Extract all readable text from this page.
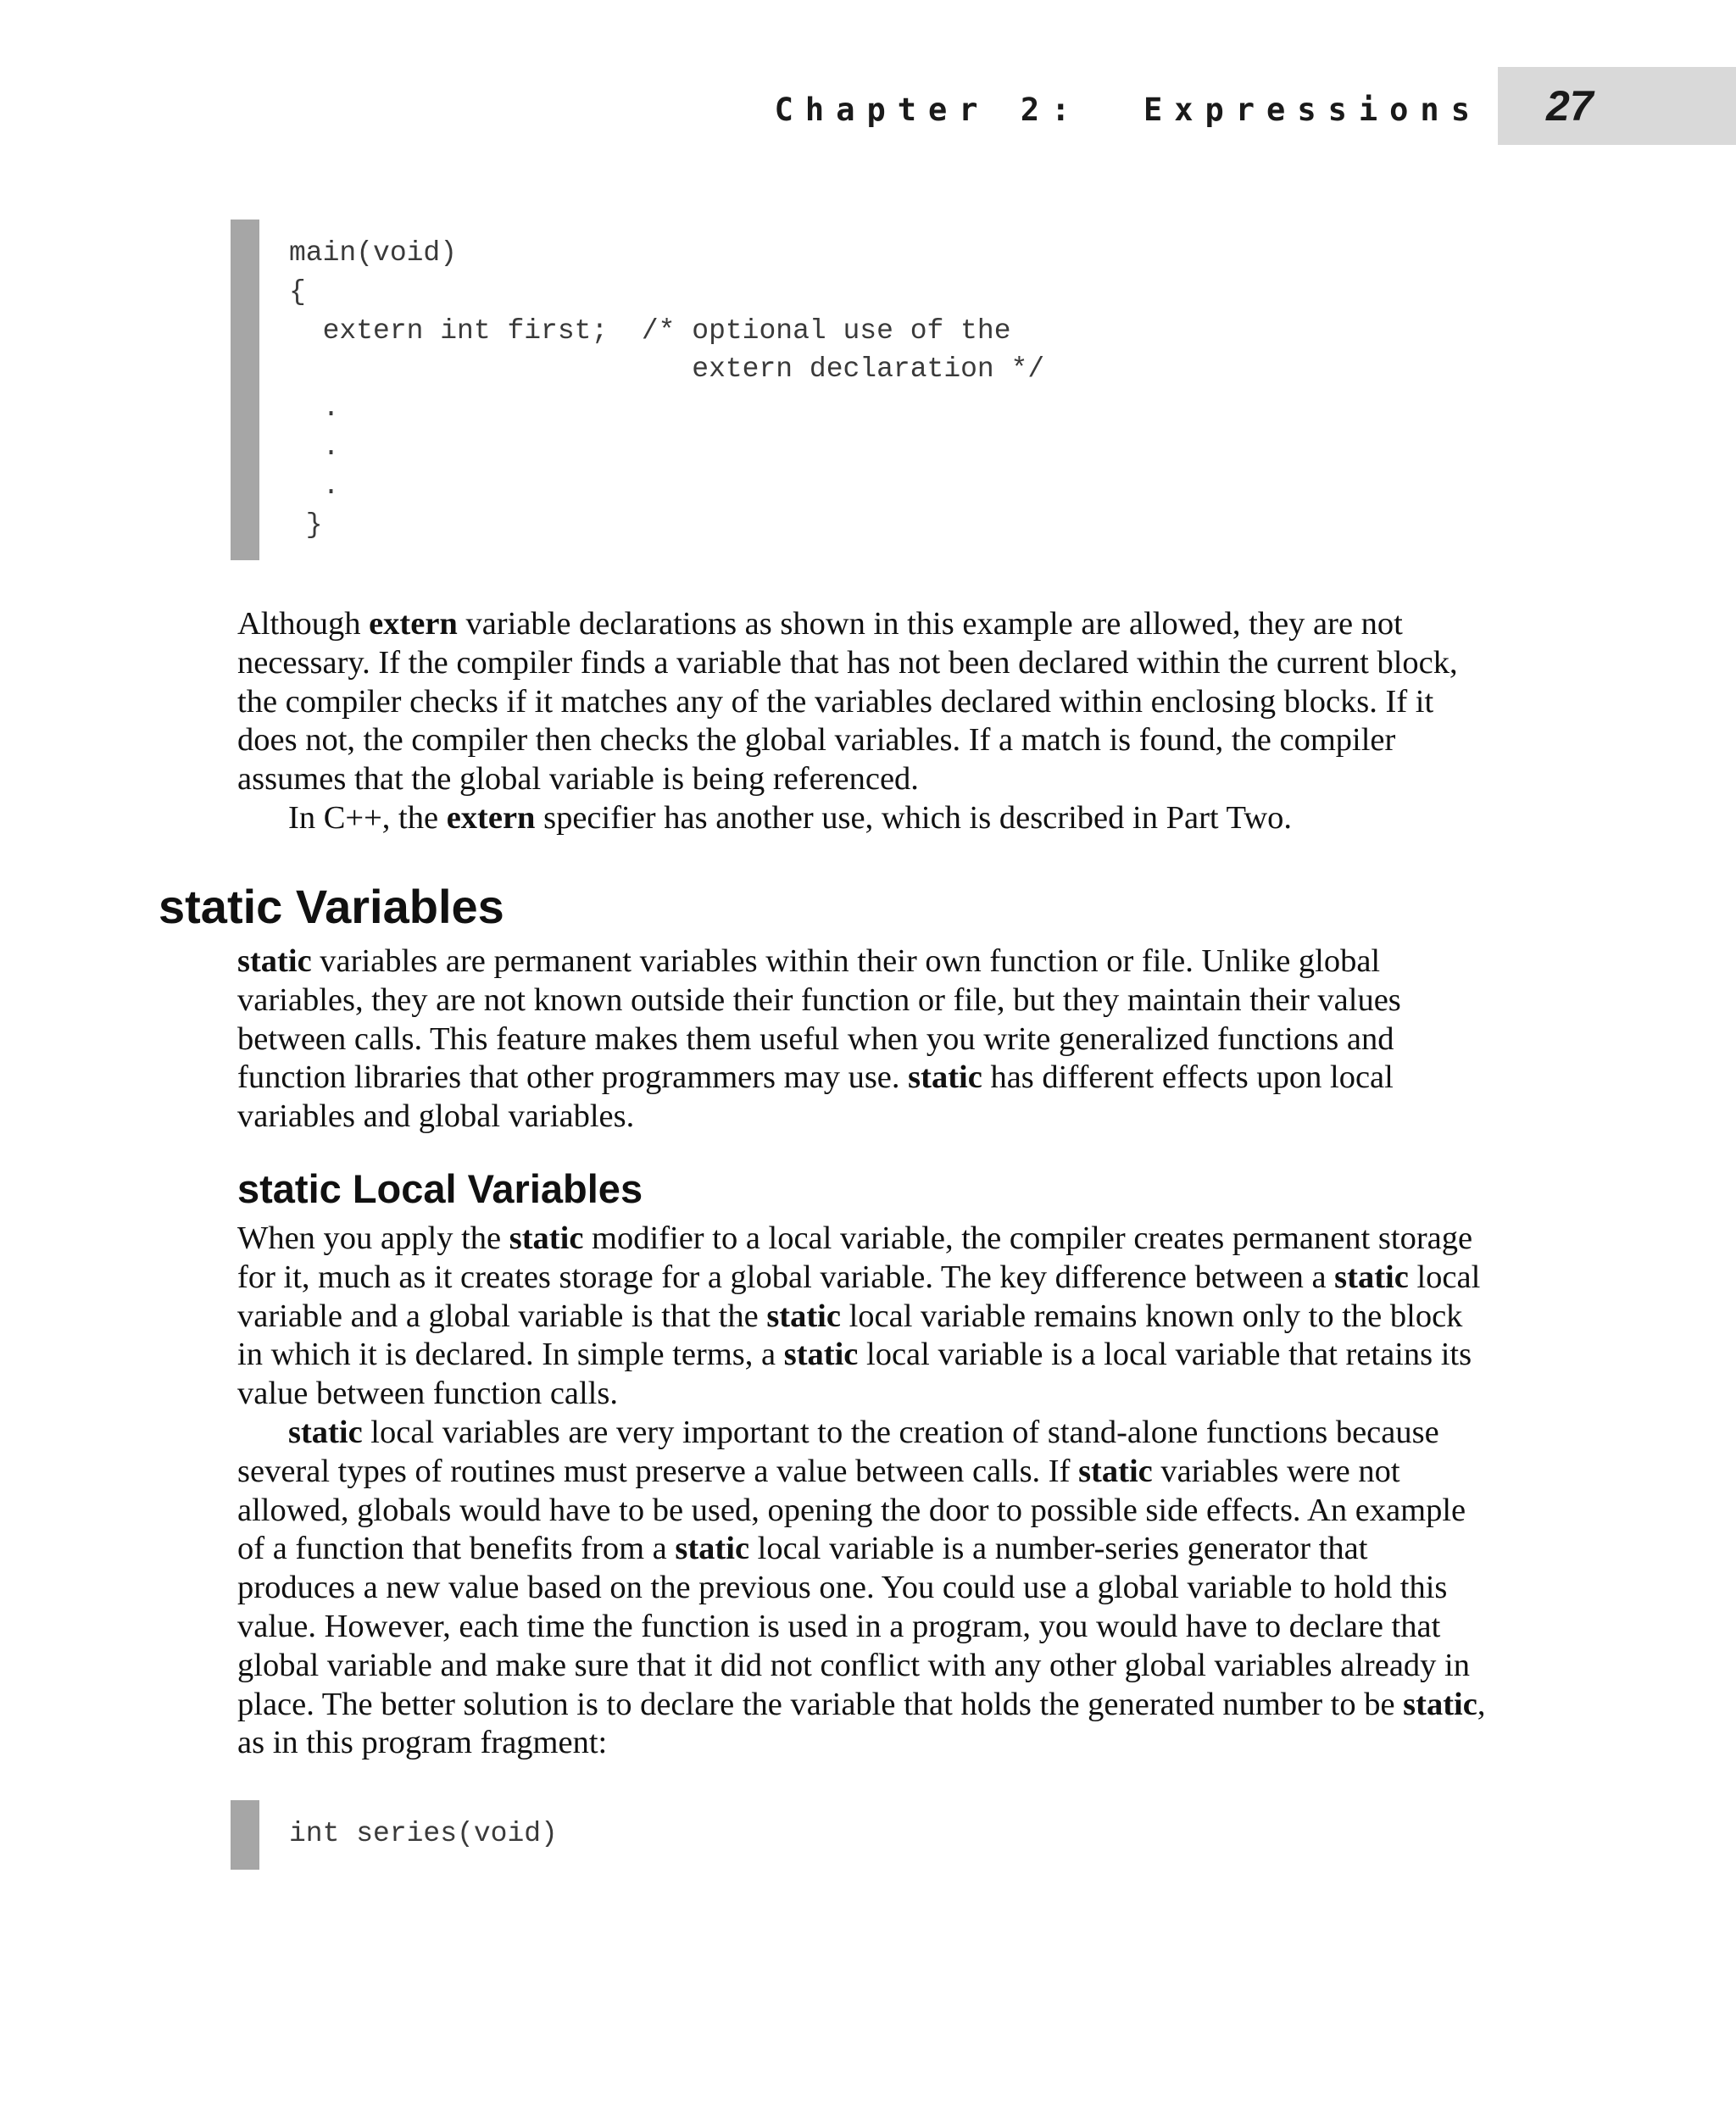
Chapter 2:  Expressions 27
main(void)
{
extern int first;  /* optional use of the
extern declaration */
.
.
.
}

Although extern variable declarations as shown in this example are allowed, they are not necessary. If the compiler finds a variable that has not been declared within the current block, the compiler checks if it matches any of the variables declared within enclosing blocks. If it does not, the compiler then checks the global variables. If a match is found, the compiler assumes that the global variable is being referenced.

In C++, the extern specifier has another use, which is described in Part Two.

static Variables

static variables are permanent variables within their own function or file. Unlike global variables, they are not known outside their function or file, but they maintain their values between calls. This feature makes them useful when you write generalized functions and function libraries that other programmers may use. static has different effects upon local variables and global variables.

static Local Variables

When you apply the static modifier to a local variable, the compiler creates permanent storage for it, much as it creates storage for a global variable. The key difference between a static local variable and a global variable is that the static local variable remains known only to the block in which it is declared. In simple terms, a static local variable is a local variable that retains its value between function calls.

static local variables are very important to the creation of stand-alone functions because several types of routines must preserve a value between calls. If static variables were not allowed, globals would have to be used, opening the door to possible side effects. An example of a function that benefits from a static local variable is a number-series generator that produces a new value based on the previous one. You could use a global variable to hold this value. However, each time the function is used in a program, you would have to declare that global variable and make sure that it did not conflict with any other global variables already in place. The better solution is to declare the variable that holds the generated number to be static, as in this program fragment:

int series(void)
